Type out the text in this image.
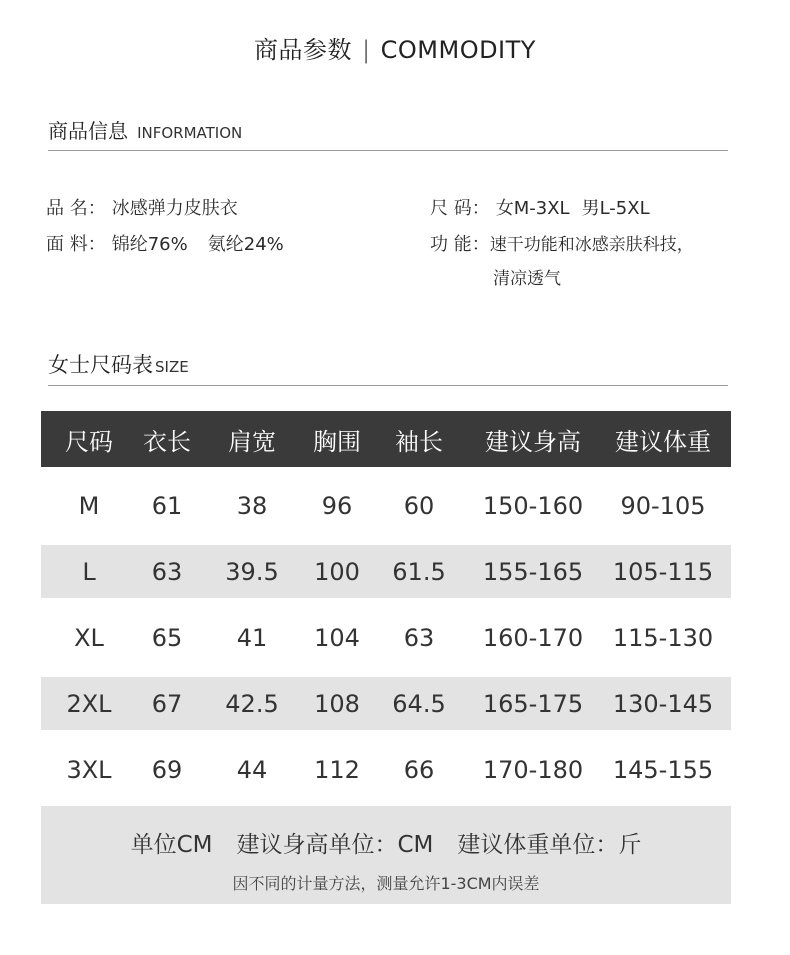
商品参数 | COMMODITY
商品信息 INFORMATION
品 名： 冰感弹力皮肤衣
面 料： 锦纶76% 氨纶24%
尺 码： 女M-3XL 男L-5XL
功 能：速干功能和冰感亲肤科技，
清凉透气
女士尺码表 SIZE
尺码	衣长	肩宽	胸围	袖长	建议身高	建议体重
M	61	38	96	60	150-160	90-105
L	63	39.5	100	61.5	155-165	105-115
XL	65	41	104	63	160-170	115-130
2XL	67	42.5	108	64.5	165-175	130-145
3XL	69	44	112	66	170-180	145-155
单位CM 建议身高单位：CM 建议体重单位：斤
因不同的计量方法，测量允许1-3CM内误差
